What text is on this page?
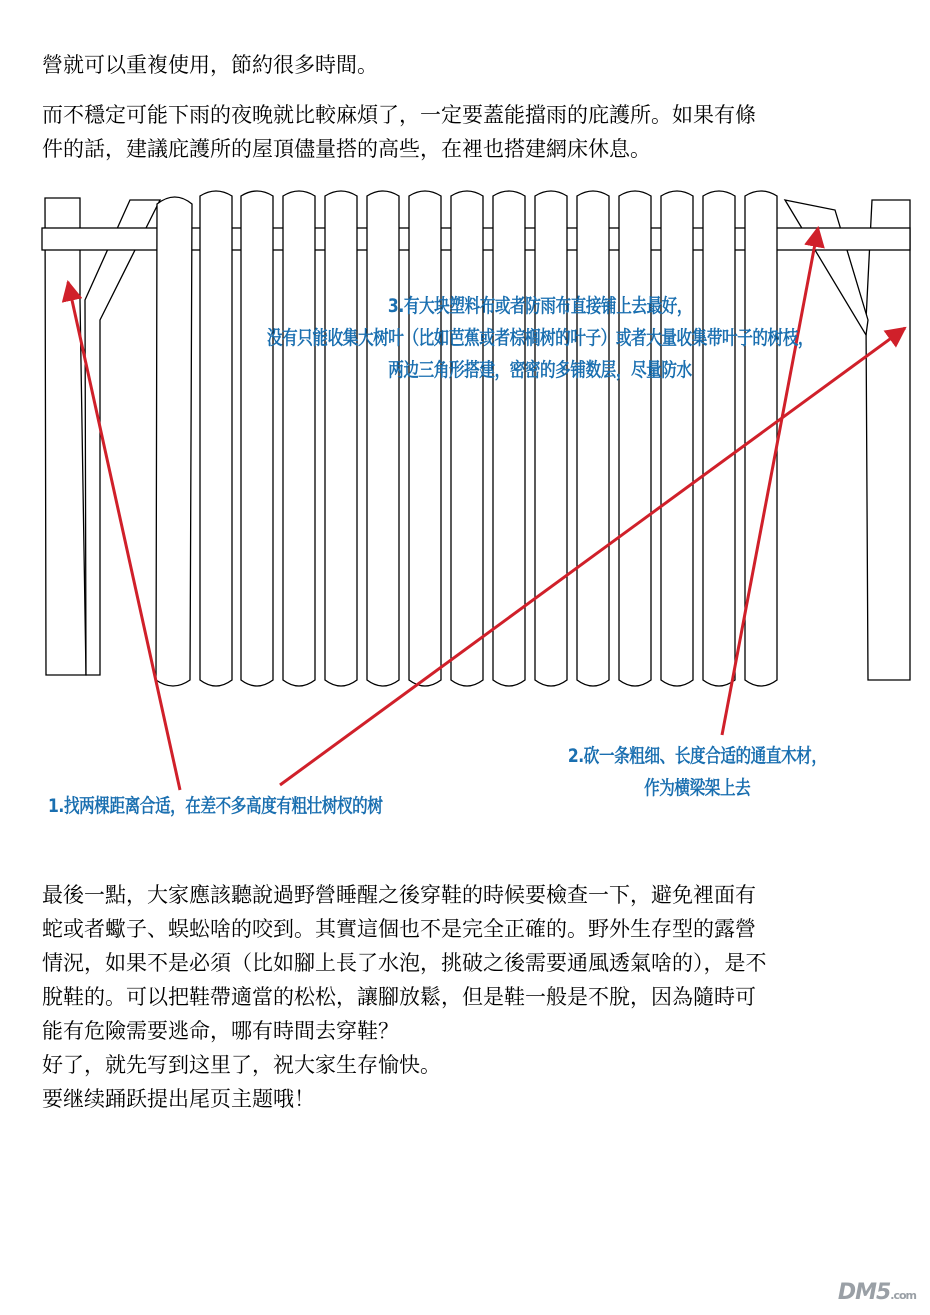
營就可以重複使用，節約很多時間。
而不穩定可能下雨的夜晚就比較麻煩了，一定要蓋能擋雨的庇護所。如果有條
件的話，建議庇護所的屋頂儘量搭的高些，在裡也搭建網床休息。
3.有大块塑料布或者防雨布直接铺上去最好，
没有只能收集大树叶（比如芭蕉或者棕榈树的叶子）或者大量收集带叶子的树枝，
两边三角形搭建，密密的多铺数层，尽量防水
2.砍一条粗细、长度合适的通直木材，
作为横梁架上去
1.找两棵距离合适，在差不多高度有粗壮树杈的树
最後一點，大家應該聽說過野營睡醒之後穿鞋的時候要檢查一下，避免裡面有
蛇或者蠍子、蜈蚣啥的咬到。其實這個也不是完全正確的。野外生存型的露營
情況，如果不是必須（比如腳上長了水泡，挑破之後需要通風透氣啥的），是不
脫鞋的。可以把鞋帶適當的松松，讓腳放鬆，但是鞋一般是不脫，因為隨時可
能有危險需要逃命，哪有時間去穿鞋？
好了，就先写到这里了，祝大家生存愉快。
要继续踊跃提出尾页主题哦！
DM5.com
